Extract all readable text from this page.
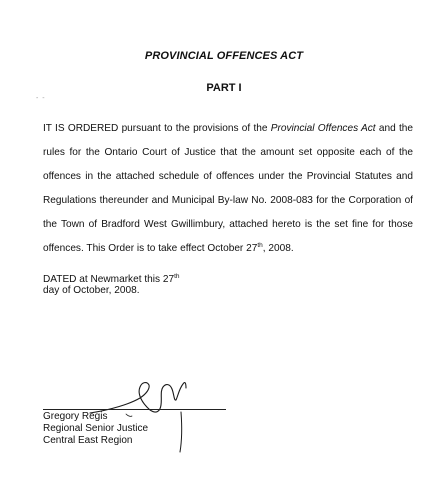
PROVINCIAL OFFENCES ACT
PART I
- -

IT IS ORDERED pursuant to the provisions of the Provincial Offences Act and the rules for the Ontario Court of Justice that the amount set opposite each of the offences in the attached schedule of offences under the Provincial Statutes and Regulations thereunder and Municipal By-law No. 2008-083 for the Corporation of the Town of Bradford West Gwillimbury, attached hereto is the set fine for those offences. This Order is to take effect October 27th, 2008.

DATED at Newmarket this 27th

day of October, 2008.

Gregory Regis

Regional Senior Justice

Central East Region
